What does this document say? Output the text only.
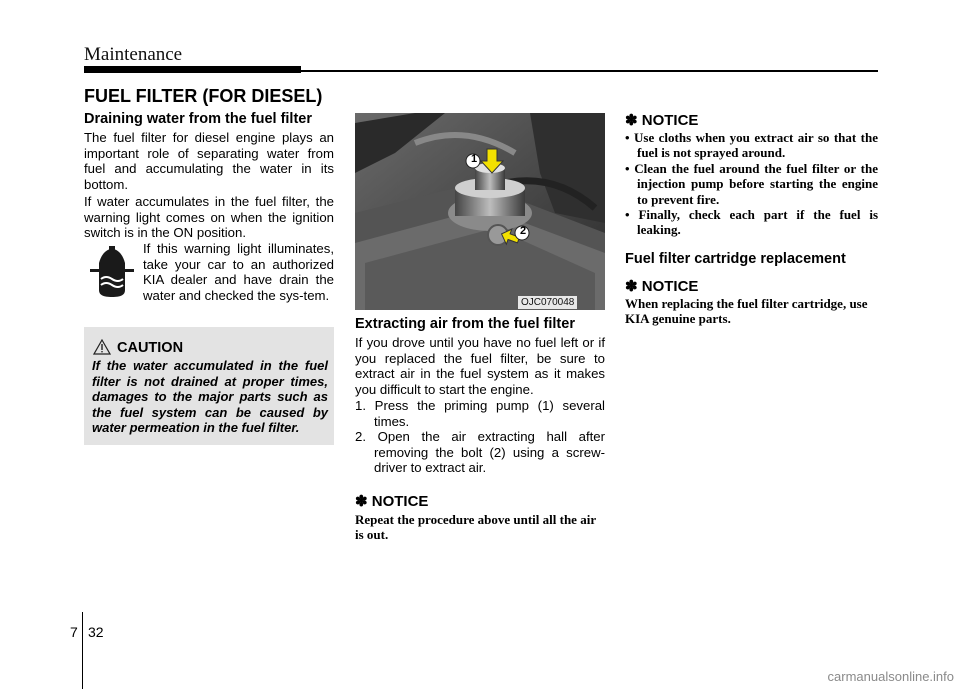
Maintenance
FUEL FILTER (FOR DIESEL)
Draining water from the fuel filter
The fuel filter for diesel engine plays an important role of separating water from fuel and accumulating the water in its bottom.
If water accumulates in the fuel filter, the warning light comes on when the ignition switch is in the ON position.
If this warning light illuminates, take your car to an authorized KIA dealer and have drain the water and checked the sys-tem.
CAUTION
If the water accumulated in the fuel filter is not drained at proper times, damages to the major parts such as the fuel system can be caused by water permeation in the fuel filter.
1
2
OJC070048
Extracting air from the fuel filter
If you drove until you have no fuel left or if you replaced the fuel filter, be sure to extract air in the fuel system as it makes you difficult to start the engine.
1. Press the priming pump (1) several times.
2. Open the air extracting hall after removing the bolt (2) using a screw-driver to extract air.
✽ NOTICE
Repeat the procedure above until all the air is out.
✽ NOTICE
• Use cloths when you extract air so that the fuel is not sprayed around.
• Clean the fuel around the fuel filter or the injection pump before starting the engine to prevent fire.
• Finally, check each part if the fuel is leaking.
Fuel filter cartridge replacement
✽ NOTICE
When replacing the fuel filter cartridge, use KIA genuine parts.
7 32
carmanualsonline.info
